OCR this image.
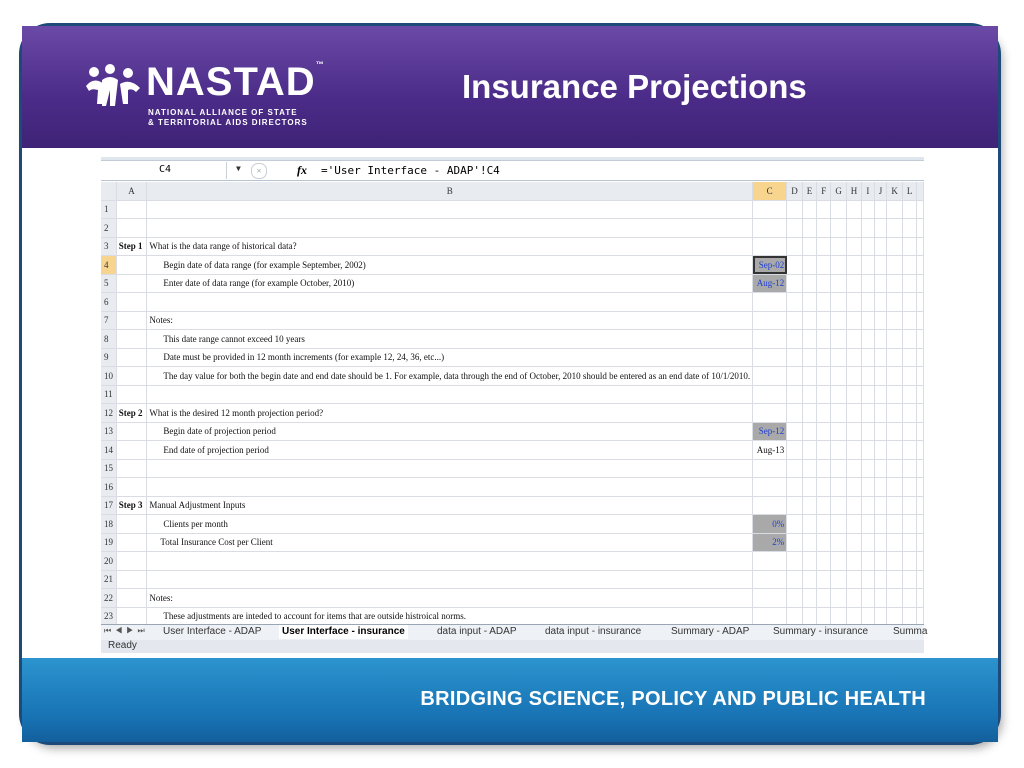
NASTAD™
NATIONAL ALLIANCE OF STATE
& TERRITORIAL AIDS DIRECTORS
Insurance Projections
C4	▼	✕	fx ='User Interface - ADAP'!C4
	A	B	C	D	E	F	G	H	I	J	K	L	
1													
2													
3	Step 1	What is the data range of historical data?											
4		Begin date of data range (for example September, 2002)	Sep-02										
5		Enter date of data range (for example October, 2010)	Aug-12										
6													
7		Notes:											
8		This date range cannot exceed 10 years											
9		Date must be provided in 12 month increments (for example 12, 24, 36, etc...)											
10		The day value for both the begin date and end date should be 1. For example, data through the end of October, 2010 should be entered as an end date of 10/1/2010.											
11													
12	Step 2	What is the desired 12 month projection period?											
13		Begin date of projection period	Sep-12										
14		End date of projection period	Aug-13										
15													
16													
17	Step 3	Manual Adjustment Inputs											
18		Clients per month	0%										
19		Total Insurance Cost per Client	2%										
20													
21													
22		Notes:											
23		These adjustments are inteded to account for items that are outside histroical norms.											
⏮◀▶⏭ User Interface - ADAP	User Interface - insurance	data input - ADAP	data input - insurance	Summary - ADAP Summary - insurance Summa
Ready
BRIDGING SCIENCE, POLICY AND PUBLIC HEALTH
